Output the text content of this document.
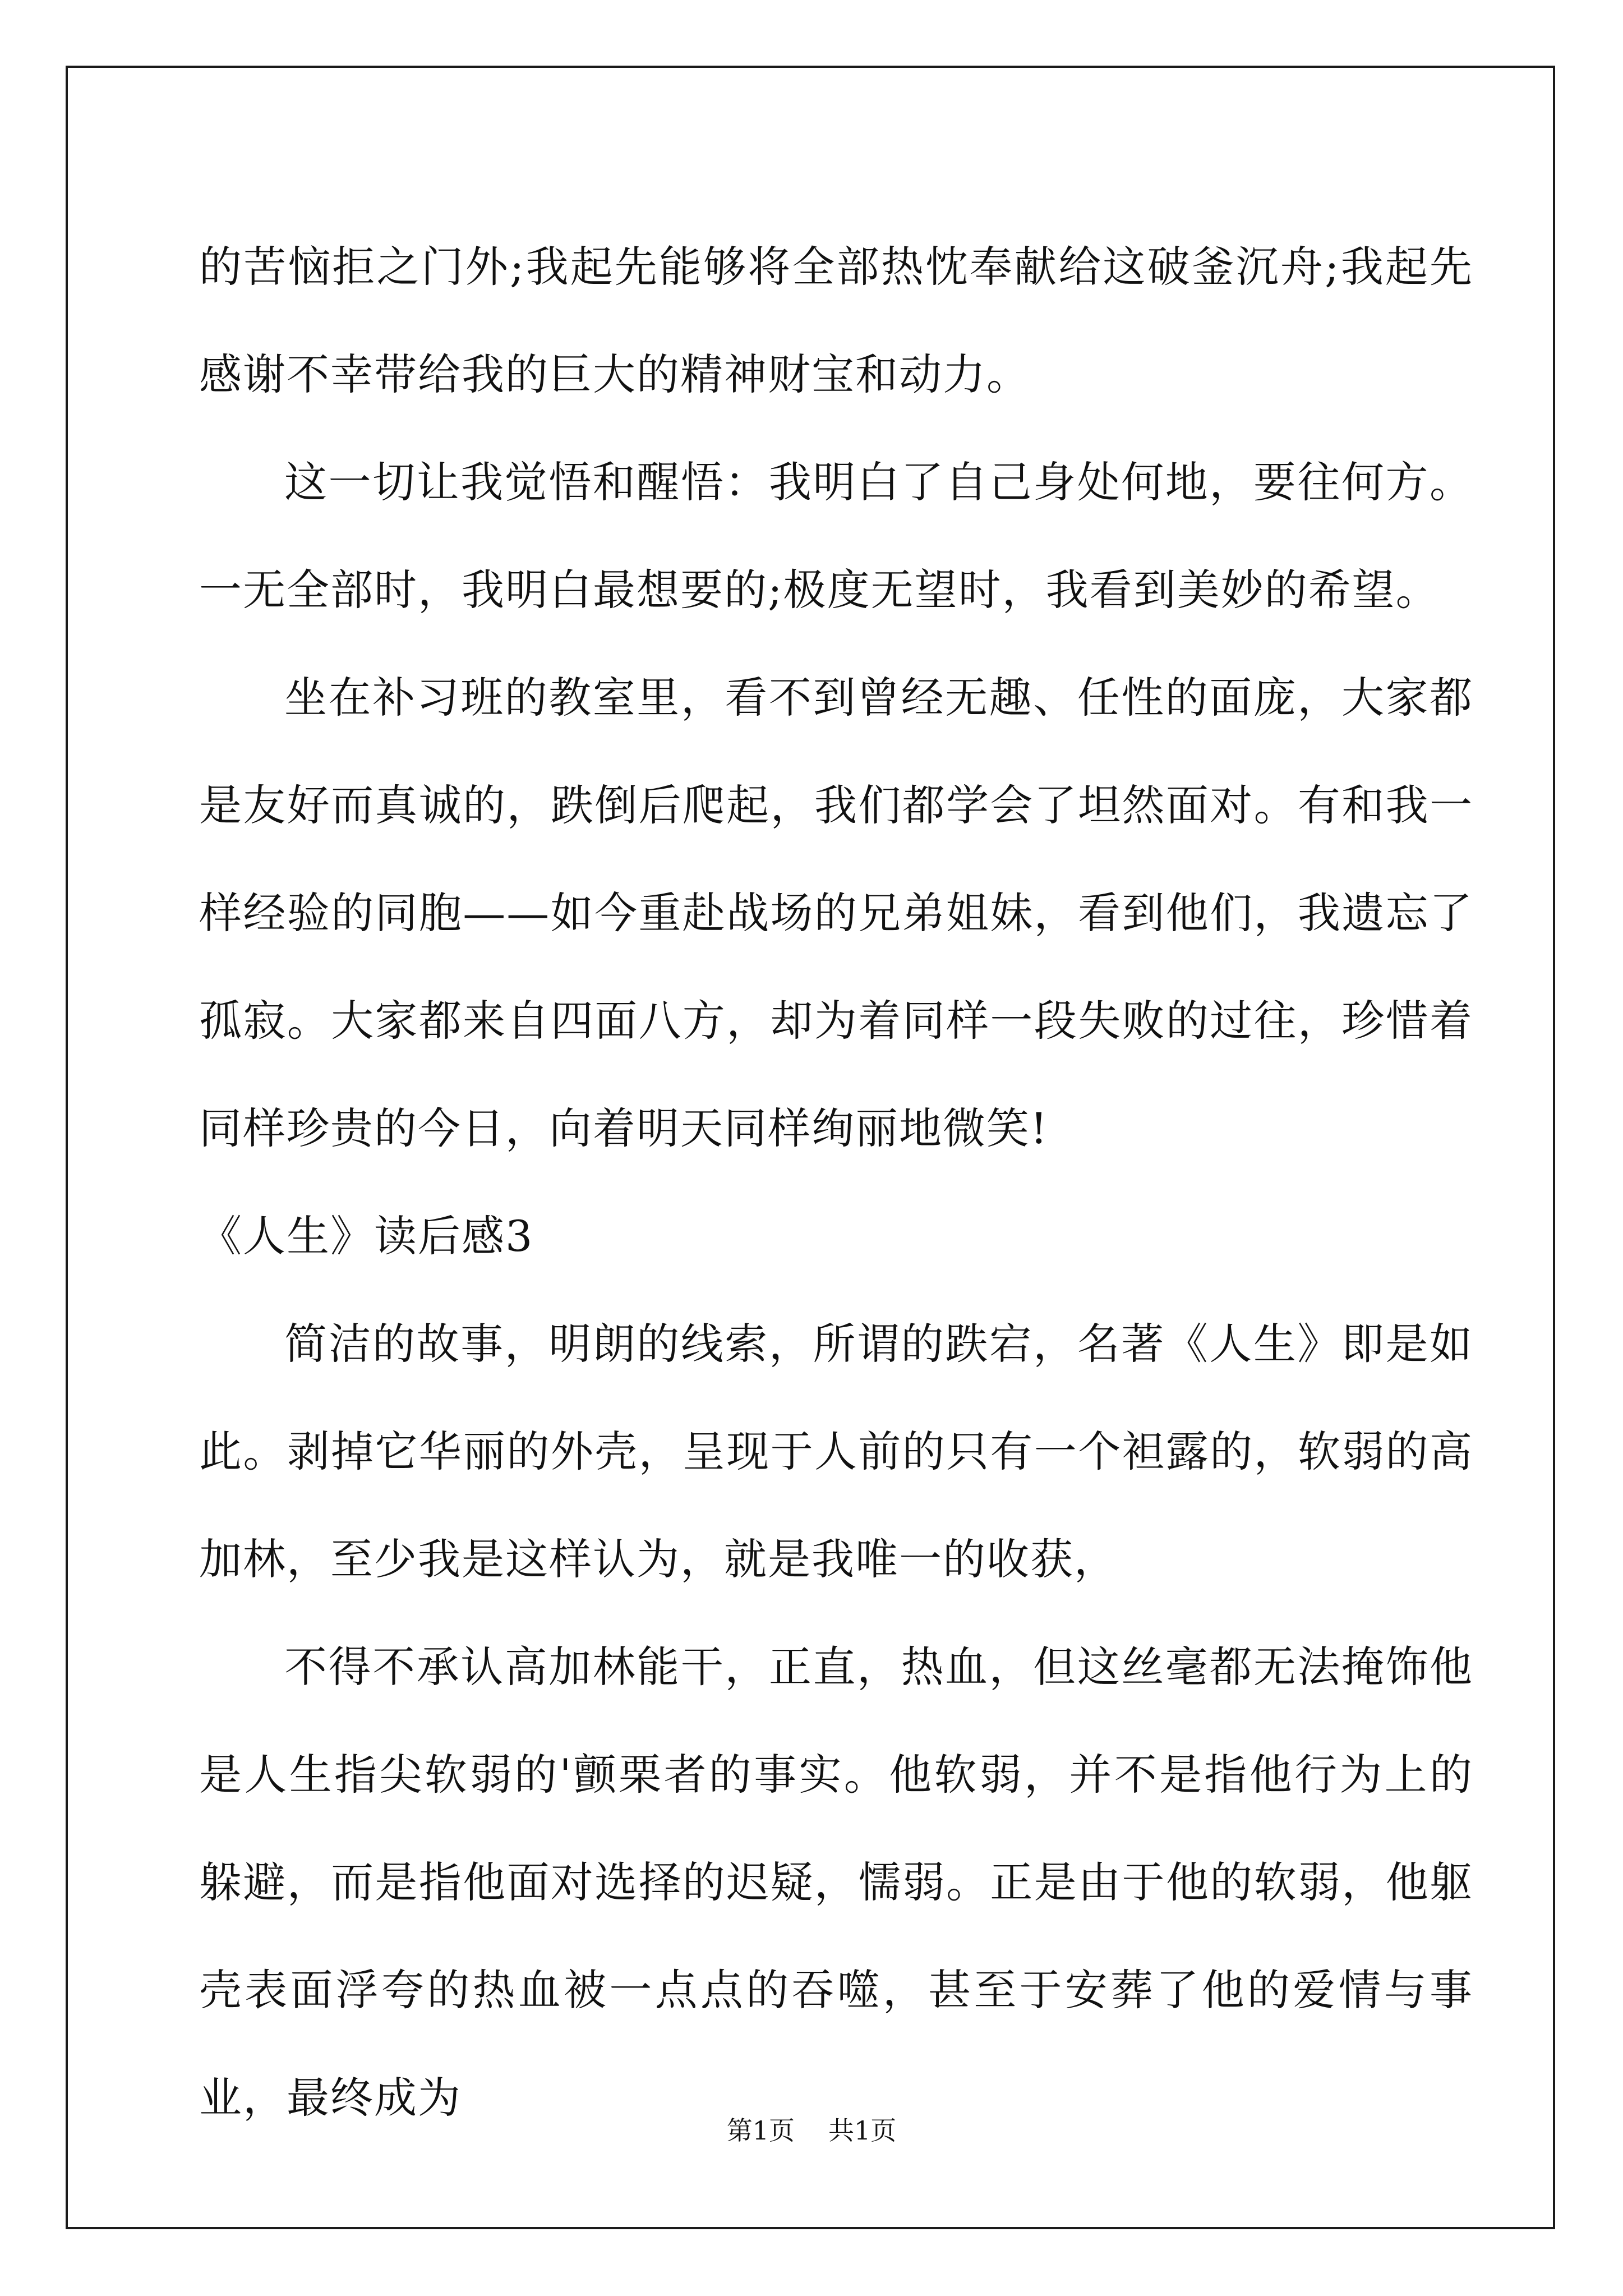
的苦恼拒之门外;我起先能够将全部热忱奉献给这破釜沉舟;我起先感谢不幸带给我的巨大的精神财宝和动力。

这一切让我觉悟和醒悟：我明白了自己身处何地，要往何方。一无全部时，我明白最想要的;极度无望时，我看到美妙的希望。

坐在补习班的教室里，看不到曾经无趣、任性的面庞，大家都是友好而真诚的，跌倒后爬起，我们都学会了坦然面对。有和我一样经验的同胞——如今重赴战场的兄弟姐妹，看到他们，我遗忘了孤寂。大家都来自四面八方，却为着同样一段失败的过往，珍惜着同样珍贵的今日，向着明天同样绚丽地微笑!

《人生》读后感3

简洁的故事，明朗的线索，所谓的跌宕，名著《人生》即是如此。剥掉它华丽的外壳，呈现于人前的只有一个袒露的，软弱的高加林，至少我是这样认为，就是我唯一的收获，

不得不承认高加林能干，正直，热血，但这丝毫都无法掩饰他是人生指尖软弱的'颤栗者的事实。他软弱，并不是指他行为上的躲避，而是指他面对选择的迟疑，懦弱。正是由于他的软弱，他躯壳表面浮夸的热血被一点点的吞噬，甚至于安葬了他的爱情与事业，最终成为

第1页 共1页
